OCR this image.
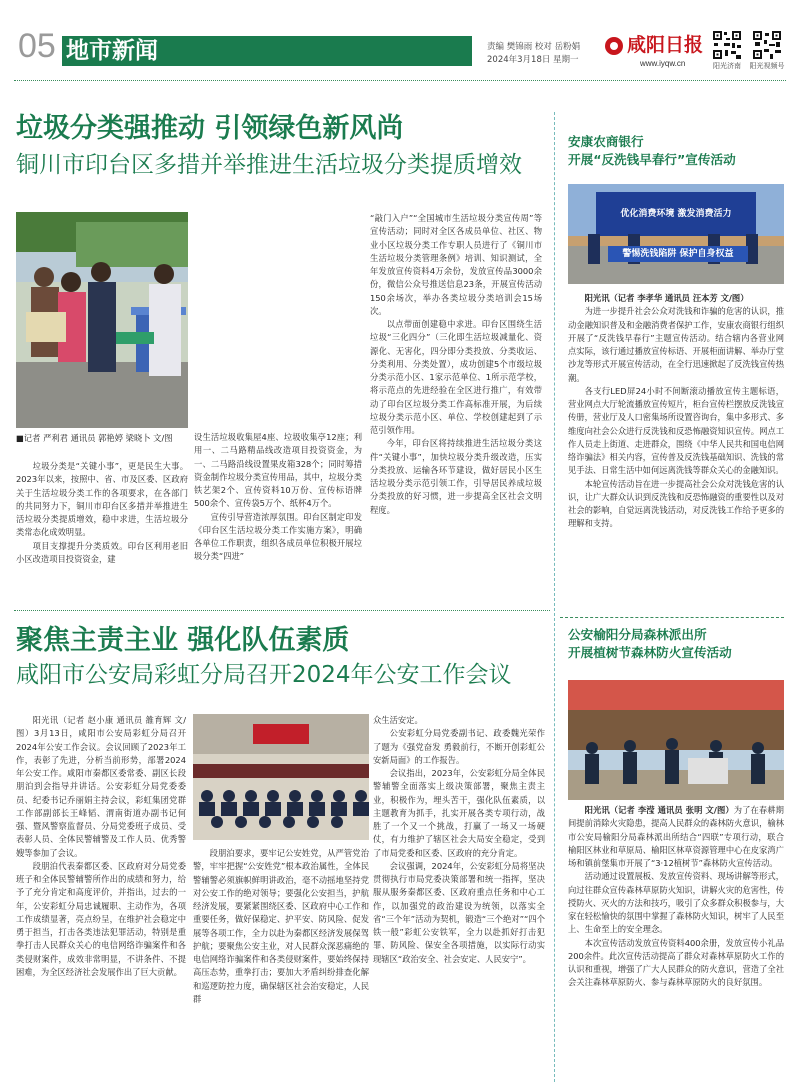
05 地市新闻	责编 樊锦雨 校对 岳粉娟
2024年3月18日 星期一
咸阳日报
www.iyqw.cn	阳光济南	阳光视频号
垃圾分类强推动 引领绿色新风尚
铜川市印台区多措并举推进生活垃圾分类提质增效
■记者 严利君 通讯员 郭艳婷 梁晓卜 文/图

垃圾分类是“关键小事”，更是民生大事。2023年以来，按照中、省、市及区委、区政府关于生活垃圾分类工作的各项要求，在各部门的共同努力下，铜川市印台区多措并举推进生活垃圾分类提质增效，稳中求进，生活垃圾分类常态化成效明显。

项目支撑提升分类质效。印台区利用老旧小区改造项目投资资金，建

设生活垃圾收集屋4座、垃圾收集亭12座；利用一、二马路精品线改造项目投资资金，为一、二马路沿线设置果皮箱328个；同时筹措资金制作垃圾分类宣传用品，其中，垃圾分类铁艺架2个、宣传资料10万份、宣传标语牌500余个、宣传袋5万个、纸杯4万个。

宣传引导营造浓厚氛围。印台区制定印发《印台区生活垃圾分类工作实施方案》，明确各单位工作职责，组织各成员单位积极开展垃圾分类“四进”

“敲门入户”“全国城市生活垃圾分类宣传周”等宣传活动；同时对全区各成员单位、社区、物业小区垃圾分类工作专职人员进行了《铜川市生活垃圾分类管理条例》培训、知识测试，全年发放宣传资料4万余份，发放宣传品3000余份，微信公众号推送信息23条，开展宣传活动150余场次，举办各类垃圾分类培训会15场次。

以点带面创建稳中求进。印台区围绕生活垃圾“三化四分”（三化即生活垃圾减量化、资源化、无害化，四分即分类投放、分类收运、分类利用、分类处置），成功创建5个市级垃圾分类示范小区、1家示范单位、1所示范学校，将示范点的先进经验在全区进行推广，有效带动了印台区垃圾分类工作高标准开展，为后续垃圾分类示范小区、单位、学校创建起到了示范引领作用。

今年，印台区将持续推进生活垃圾分类这件“关键小事”，加快垃圾分类升级改造，压实分类投放、运输各环节建设，做好居民小区生活垃圾分类示范引领工作，引导居民养成垃圾分类投放的好习惯，进一步提高全区社会文明程度。

安康农商银行
开展“反洗钱早春行”宣传活动
优化消费环境 激发消费活力
警惕洗钱陷阱 保护自身权益

阳光讯（记者 李孝华 通讯员 汪本芳 文/图）

为进一步提升社会公众对洗钱和诈骗的危害的认识，推动金融知识普及和金融消费者保护工作，安康农商银行组织开展了“反洗钱早春行”主题宣传活动。结合辖内各营业网点实际，该行通过播放宣传标语、开展柜面讲解、举办厅堂沙龙等形式开展宣传活动，在全行迅速掀起了反洗钱宣传热潮。

各支行LED屏24小时不间断滚动播放宣传主题标语，营业网点大厅轮流播放宣传短片，柜台宣传栏摆放反洗钱宣传册，营业厅及人口密集场所设置咨询台，集中多形式、多维度向社会公众进行反洗钱和反恐怖融资知识宣传。网点工作人员走上街道、走进群众，围绕《中华人民共和国电信网络诈骗法》相关内容，宣传普及反洗钱基础知识、洗钱的常见手法、日常生活中如何远离洗钱等群众关心的金融知识。

本轮宣传活动旨在进一步提高社会公众对洗钱危害的认识，让广大群众认识到反洗钱和反恐怖融资的重要性以及对社会的影响，自觉远离洗钱活动，对反洗钱工作给予更多的理解和支持。

聚焦主责主业 强化队伍素质
咸阳市公安局彩虹分局召开2024年公安工作会议

阳光讯（记者 赵小康 通讯员 雒育辉 文/图）3月13日，咸阳市公安局彩虹分局召开2024年公安工作会议。会议回顾了2023年工作，表彰了先进，分析当前形势，部署2024年公安工作。咸阳市秦都区委常委、副区长段朋泊到会指导并讲话。公安彩虹分局党委委员、纪委书记乔丽娟主持会议，彩虹集团党群工作部副部长王峰韬、渭南街道办副书记何强、暨风警察监督员、分局党委班子成员、受表彰人员、全体民警辅警及工作人员、优秀警嫂等参加了会议。

段朋泊代表秦都区委、区政府对分局党委班子和全体民警辅警所作出的成绩和努力，给予了充分肯定和高度评价，并指出，过去的一年，公安彩虹分局忠诚履职、主动作为，各项工作成绩显著，亮点纷呈，在维护社会稳定中勇于担当，打击各类违法犯罪活动，特别是重拳打击人民群众关心的电信网络诈骗案件和各类侵财案件，成效非常明显，不讲条件、不提困难，为全区经济社会发展作出了巨大贡献。

段朋泊要求，要牢记公安姓党，从严管党治警，牢牢把握“公安姓党”根本政治属性，全体民警辅警必须旗帜鲜明讲政治，毫不动摇地坚持党对公安工作的绝对领导；要强化公安担当，护航经济发展，要紧紧围绕区委、区政府中心工作和重要任务，做好保稳定、护平安、防风险、促发展等各项工作，全力以赴为秦都区经济发展保驾护航；要聚焦公安主业，对人民群众深恶痛绝的电信网络诈骗案件和各类侵财案件，要始终保持高压态势，重拳打击；要加大矛盾纠纷排查化解和巡逻防控力度，确保辖区社会治安稳定，人民群

众生活安定。

公安彩虹分局党委副书记、政委魏光荣作了题为《强党奋发 勇毅前行，不断开创彩虹公安新局面》的工作报告。

会议指出，2023年，公安彩虹分局全体民警辅警全面落实上级决策部署，聚焦主责主业，积极作为，埋头苦干，强化队伍素质，以主题教育为抓手，扎实开展各类专项行动，战胜了一个又一个挑战，打赢了一场又一场硬仗，有力维护了辖区社会大局安全稳定，受到了市局党委和区委、区政府的充分肯定。

会议强调，2024年，公安彩虹分局将坚决贯彻执行市局党委决策部署和统一指挥，坚决服从服务秦都区委、区政府重点任务和中心工作，以加强党的政治建设为统领，以落实全省“三个年”活动为契机，锻造“三个绝对”“四个铁一般”彩虹公安铁军，全力以赴抓好打击犯罪、防风险、保安全各项措施，以实际行动实现辖区“政治安全、社会安定、人民安宁”。

公安榆阳分局森林派出所
开展植树节森林防火宣传活动

阳光讯（记者 李滢 通讯员 张明 文/图）为了在春耕期间提前消除火灾隐患，提高人民群众的森林防火意识，榆林市公安局榆阳分局森林派出所结合“四联”专项行动，联合榆阳区林业和草原局、榆阳区林草资源管理中心在皮家湾广场和镇前堡集市开展了“3·12植树节”森林防火宣传活动。

活动通过设置展板、发放宣传资料、现场讲解等形式，向过往群众宣传森林草原防火知识，讲解火灾的危害性，传授防火、灭火的方法和技巧，吸引了众多群众积极参与，大家在轻松愉快的氛围中掌握了森林防火知识，树牢了人民至上、生命至上的安全理念。

本次宣传活动发放宣传资料400余册，发放宣传小礼品200余件。此次宣传活动提高了群众对森林草原防火工作的认识和重视，增强了广大人民群众的防火意识，营造了全社会关注森林草原防火、参与森林草原防火的良好氛围。
